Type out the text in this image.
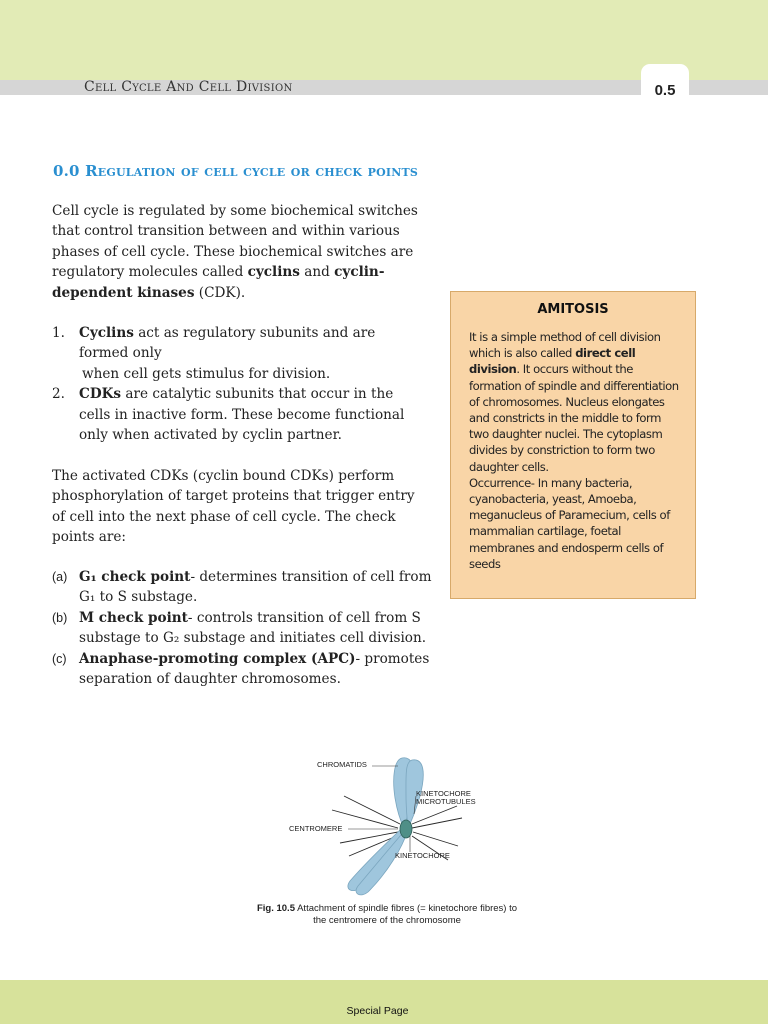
Cell Cycle And Cell Division	0.5
0.0 Regulation of cell cycle or check points
Cell cycle is regulated by some biochemical switches that control transition between and within various phases of cell cycle. These biochemical switches are regulatory molecules called cyclins and cyclin-dependent kinases (CDK).
1. Cyclins act as regulatory subunits and are formed only
when cell gets stimulus for division.
2. CDKs are catalytic subunits that occur in the cells in inactive form. These become functional only when activated by cyclin partner.
The activated CDKs (cyclin bound CDKs) perform phosphorylation of target proteins that trigger entry of cell into the next phase of cell cycle. The check points are:
(a) G₁ check point- determines transition of cell from G₁ to S substage.
(b) M check point- controls transition of cell from S substage to G₂ substage and initiates cell division.
(c) Anaphase-promoting complex (APC)- promotes separation of daughter chromosomes.
AMITOSIS
It is a simple method of cell division which is also called direct cell division. It occurs without the formation of spindle and differentiation of chromosomes. Nucleus elongates and constricts in the middle to form two daughter nuclei. The cytoplasm divides by constriction to form two daughter cells.
Occurrence- In many bacteria, cyanobacteria, yeast, Amoeba, meganucleus of Paramecium, cells of mammalian cartilage, foetal membranes and endosperm cells of seeds
CHROMATIDS
KINETOCHORE
MICROTUBULES
CENTROMERE
KINETOCHORE
Fig. 10.5 Attachment of spindle fibres (= kinetochore fibres) to the centromere of the chromosome
Special Page
